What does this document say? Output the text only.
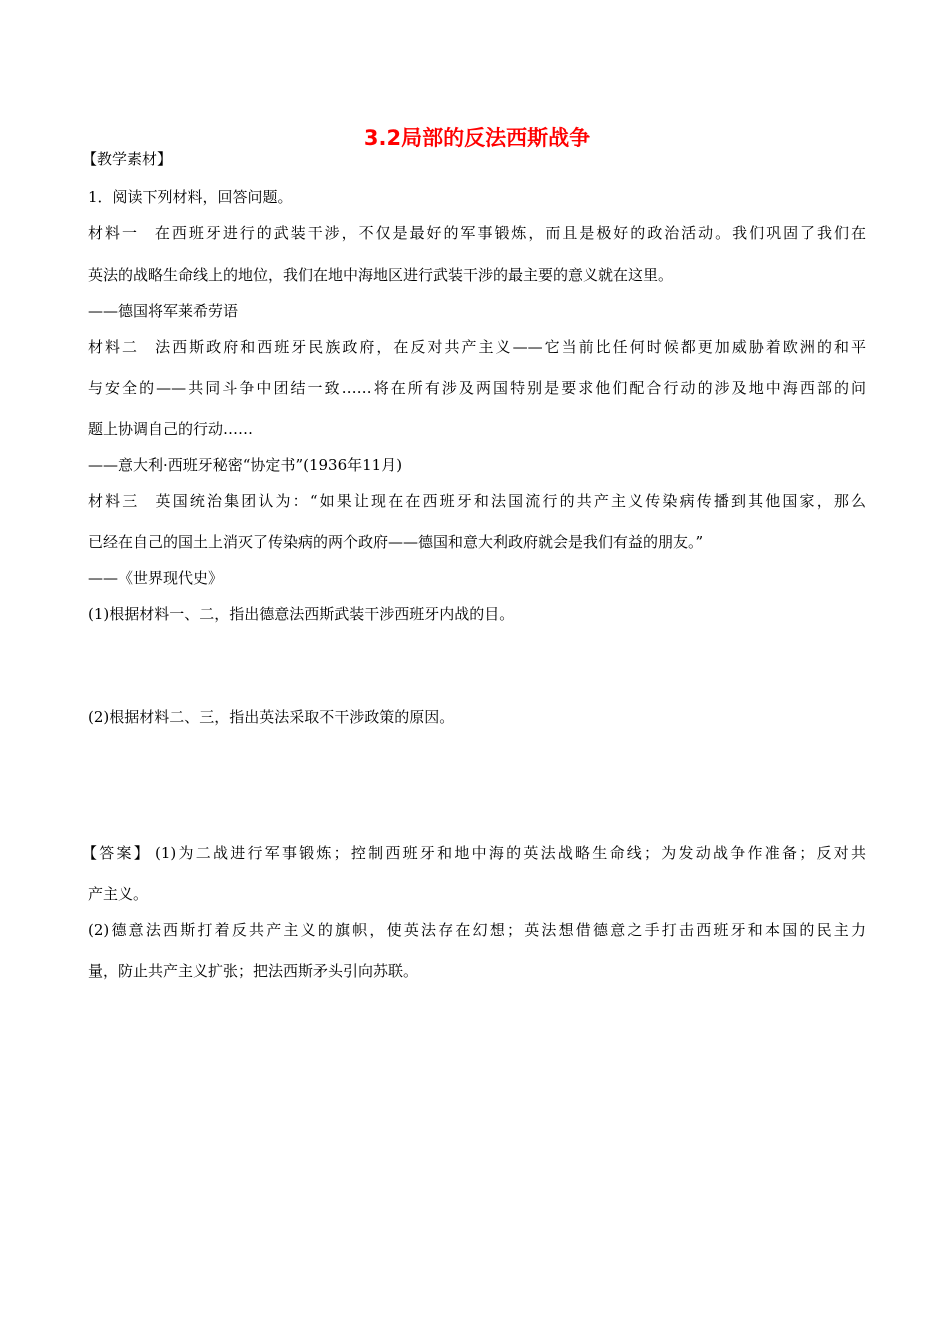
3.2局部的反法西斯战争

【教学素材】

1．阅读下列材料，回答问题。

材料一 在西班牙进行的武装干涉，不仅是最好的军事锻炼，而且是极好的政治活动。我们巩固了我们在

英法的战略生命线上的地位，我们在地中海地区进行武装干涉的最主要的意义就在这里。

——德国将军莱希劳语

材料二 法西斯政府和西班牙民族政府，在反对共产主义——它当前比任何时候都更加威胁着欧洲的和平

与安全的——共同斗争中团结一致……将在所有涉及两国特别是要求他们配合行动的涉及地中海西部的问

题上协调自己的行动……

——意大利·西班牙秘密“协定书”(1936年11月)

材料三 英国统治集团认为：“如果让现在在西班牙和法国流行的共产主义传染病传播到其他国家，那么

已经在自己的国土上消灭了传染病的两个政府——德国和意大利政府就会是我们有益的朋友。”

——《世界现代史》

(1)根据材料一、二，指出德意法西斯武装干涉西班牙内战的目。

(2)根据材料二、三，指出英法采取不干涉政策的原因。

【答案】 (1)为二战进行军事锻炼；控制西班牙和地中海的英法战略生命线；为发动战争作准备；反对共

产主义。

(2)德意法西斯打着反共产主义的旗帜，使英法存在幻想；英法想借德意之手打击西班牙和本国的民主力

量，防止共产主义扩张；把法西斯矛头引向苏联。
